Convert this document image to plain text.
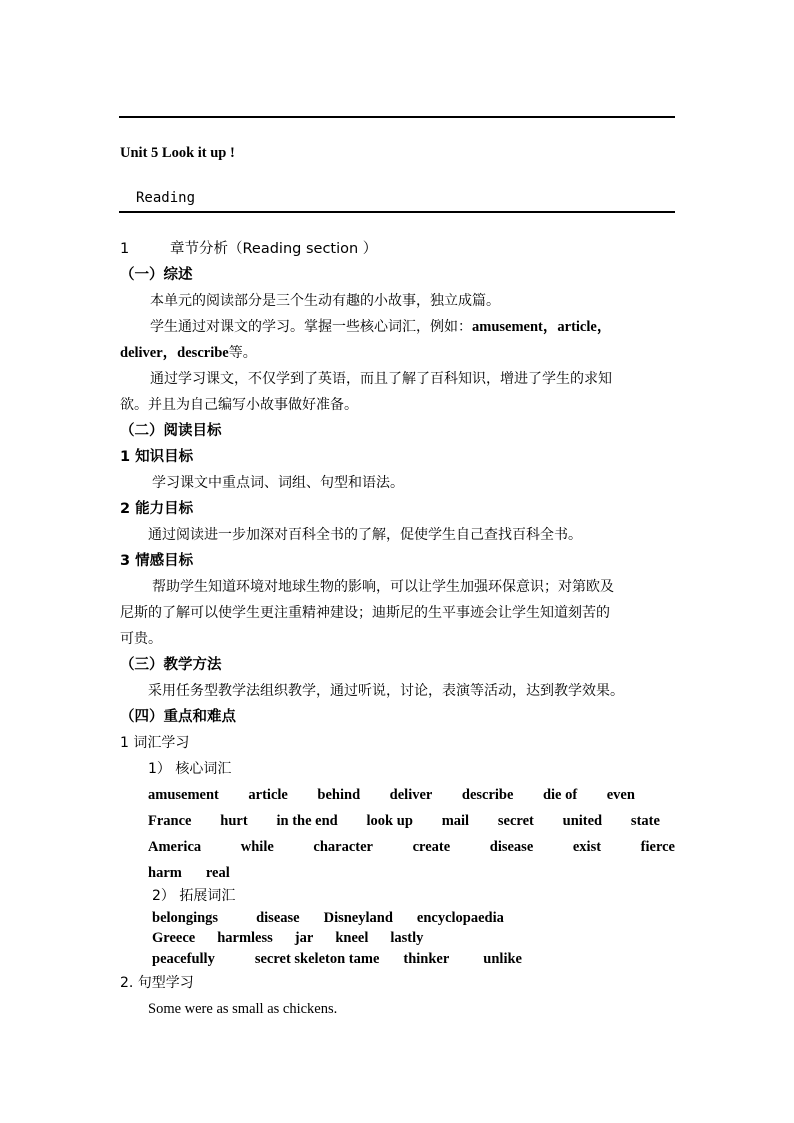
Unit 5 Look it up !
Reading
1	章节分析（Reading section ）
（一）综述
本单元的阅读部分是三个生动有趣的小故事，独立成篇。
学生通过对课文的学习。掌握一些核心词汇，例如：amusement，article，
deliver，describe等。
通过学习课文，不仅学到了英语，而且了解了百科知识，增进了学生的求知
欲。并且为自己编写小故事做好准备。
（二）阅读目标
1 知识目标
学习课文中重点词、词组、句型和语法。
2 能力目标
通过阅读进一步加深对百科全书的了解，促使学生自己查找百科全书。
3 情感目标
帮助学生知道环境对地球生物的影响，可以让学生加强环保意识；对第欧及
尼斯的了解可以使学生更注重精神建设；迪斯尼的生平事迹会让学生知道刻苦的
可贵。
（三）教学方法
采用任务型教学法组织教学，通过听说，讨论，表演等活动，达到教学效果。
（四）重点和难点
1 词汇学习
1） 核心词汇
amusement article behind deliver describe die of even
France hurt in the end look up mail secret united state
America	while	character	create	disease	exist	fierce
harm real
2） 拓展词汇
belongings	disease Disneyland encyclopaedia
Greece harmless jar kneel lastly
peacefully	secret skeleton tame thinker unlike
2. 句型学习
Some were as small as chickens.
